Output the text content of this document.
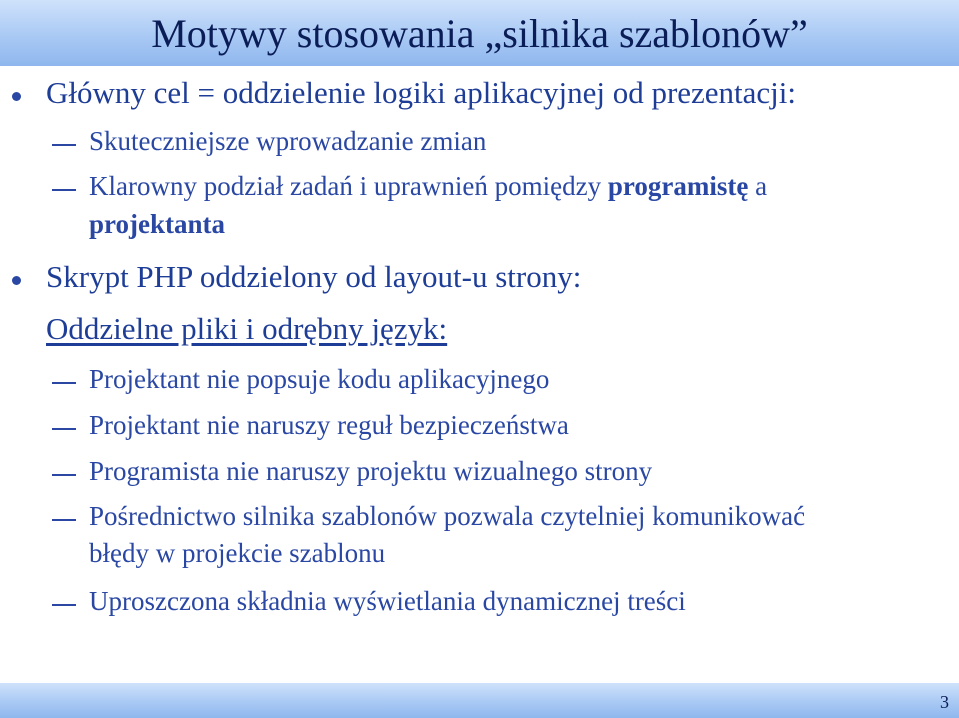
Motywy stosowania „silnika szablonów”
Główny cel = oddzielenie logiki aplikacyjnej od prezentacji:
Skuteczniejsze wprowadzanie zmian
Klarowny podział zadań i uprawnień pomiędzy programistę a
projektanta
Skrypt PHP oddzielony od layout-u strony:
Oddzielne pliki i odrębny język:
Projektant nie popsuje kodu aplikacyjnego
Projektant nie naruszy reguł bezpieczeństwa
Programista nie naruszy projektu wizualnego strony
Pośrednictwo silnika szablonów pozwala czytelniej komunikować
błędy w projekcie szablonu
Uproszczona składnia wyświetlania dynamicznej treści
3
